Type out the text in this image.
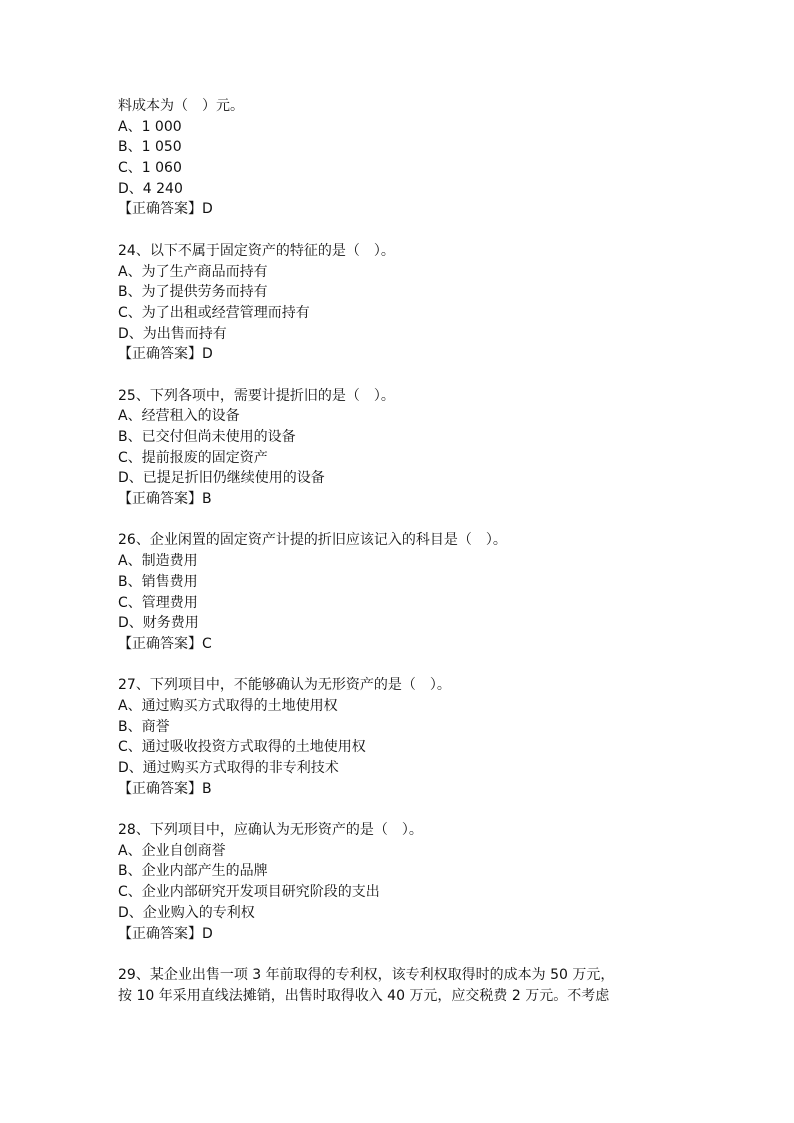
料成本为（　）元。
A、1 000
B、1 050
C、1 060
D、4 240
【正确答案】D
24、以下不属于固定资产的特征的是（　）。
A、为了生产商品而持有
B、为了提供劳务而持有
C、为了出租或经营管理而持有
D、为出售而持有
【正确答案】D
25、下列各项中，需要计提折旧的是（　）。
A、经营租入的设备
B、已交付但尚未使用的设备
C、提前报废的固定资产
D、已提足折旧仍继续使用的设备
【正确答案】B
26、企业闲置的固定资产计提的折旧应该记入的科目是（　）。
A、制造费用
B、销售费用
C、管理费用
D、财务费用
【正确答案】C
27、下列项目中，不能够确认为无形资产的是（　）。
A、通过购买方式取得的土地使用权
B、商誉
C、通过吸收投资方式取得的土地使用权
D、通过购买方式取得的非专利技术
【正确答案】B
28、下列项目中，应确认为无形资产的是（　）。
A、企业自创商誉
B、企业内部产生的品牌
C、企业内部研究开发项目研究阶段的支出
D、企业购入的专利权
【正确答案】D
29、某企业出售一项 3 年前取得的专利权，该专利权取得时的成本为 50 万元，
按 10 年采用直线法摊销，出售时取得收入 40 万元，应交税费 2 万元。不考虑
